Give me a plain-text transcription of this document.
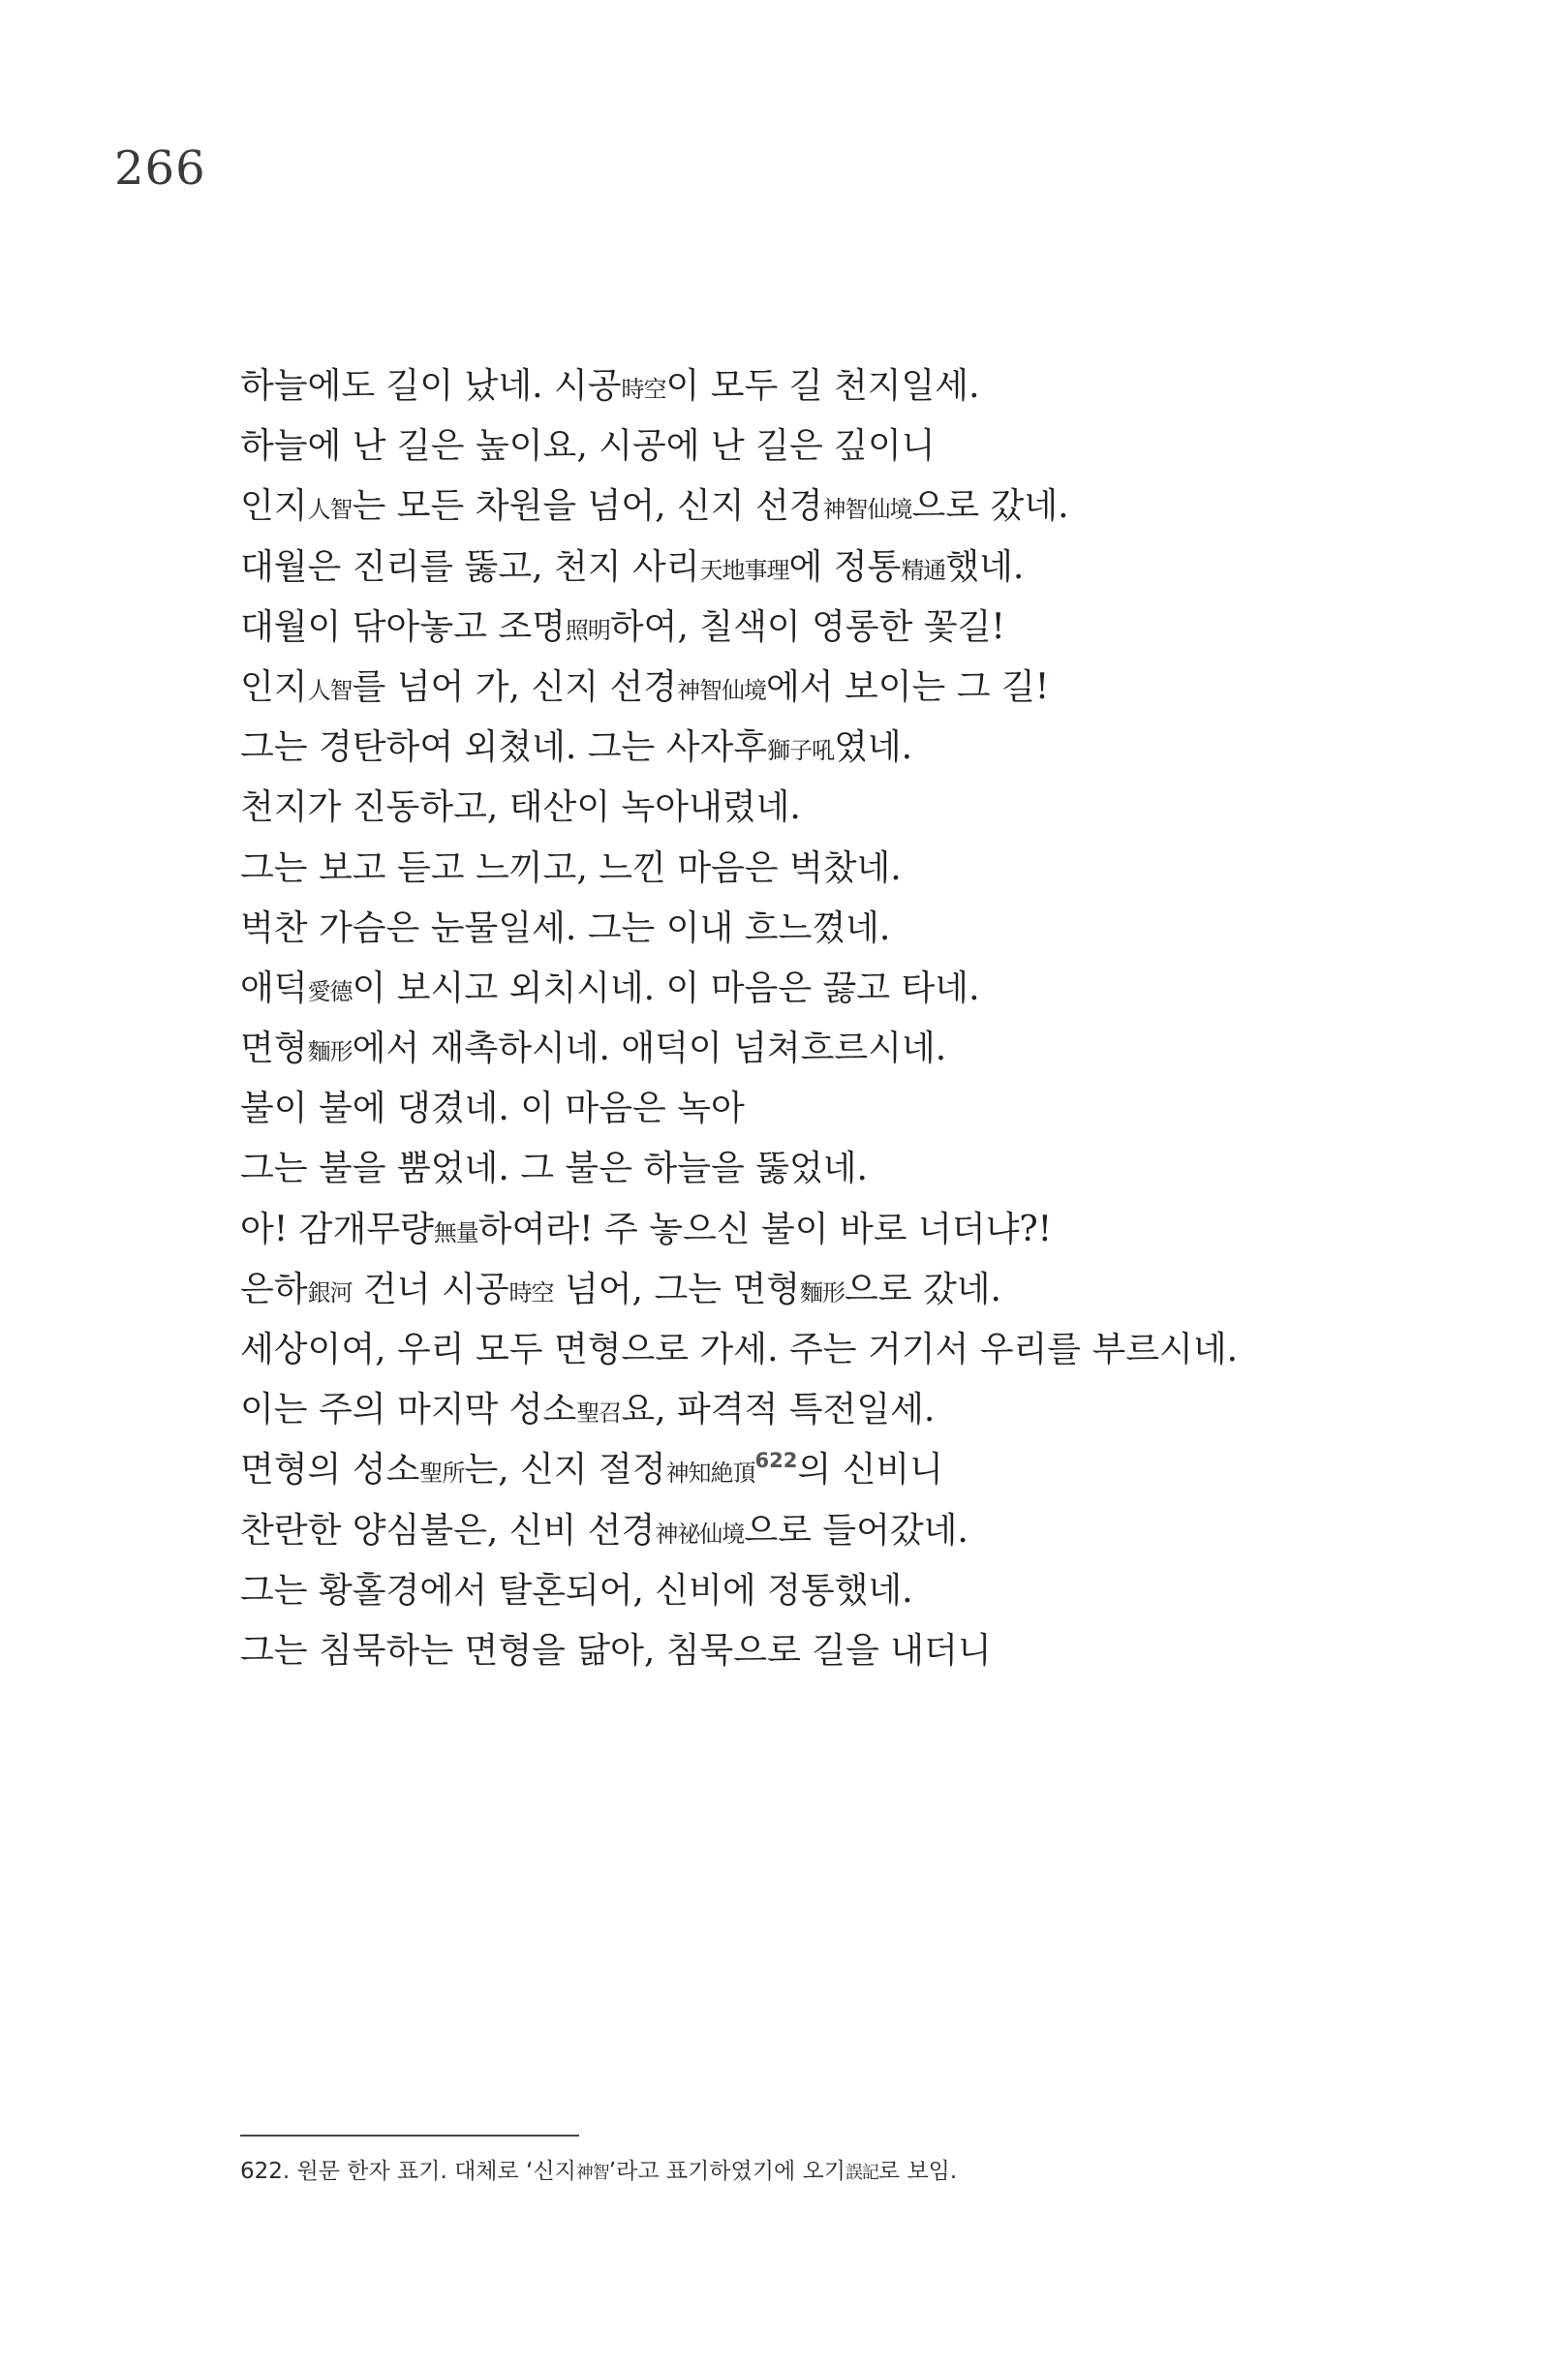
266
하늘에도 길이 났네. 시공時空이 모두 길 천지일세.
하늘에 난 길은 높이요, 시공에 난 길은 깊이니
인지人智는 모든 차원을 넘어, 신지 선경神智仙境으로 갔네.
대월은 진리를 뚫고, 천지 사리天地事理에 정통精通했네.
대월이 닦아놓고 조명照明하여, 칠색이 영롱한 꽃길!
인지人智를 넘어 가, 신지 선경神智仙境에서 보이는 그 길!
그는 경탄하여 외쳤네. 그는 사자후獅子吼였네.
천지가 진동하고, 태산이 녹아내렸네.
그는 보고 듣고 느끼고, 느낀 마음은 벅찼네.
벅찬 가슴은 눈물일세. 그는 이내 흐느꼈네.
애덕愛德이 보시고 외치시네. 이 마음은 끓고 타네.
면형麵形에서 재촉하시네. 애덕이 넘쳐흐르시네.
불이 불에 댕겼네. 이 마음은 녹아
그는 불을 뿜었네. 그 불은 하늘을 뚫었네.
아! 감개무량無量하여라! 주 놓으신 불이 바로 너더냐?!
은하銀河 건너 시공時空 넘어, 그는 면형麵形으로 갔네.
세상이여, 우리 모두 면형으로 가세. 주는 거기서 우리를 부르시네.
이는 주의 마지막 성소聖召요, 파격적 특전일세.
면형의 성소聖所는, 신지 절정神知絶頂$^{622}$의 신비니
찬란한 양심불은, 신비 선경神祕仙境으로 들어갔네.
그는 황홀경에서 탈혼되어, 신비에 정통했네.
그는 침묵하는 면형을 닮아, 침묵으로 길을 내더니
622. 원문 한자 표기. 대체로 ‘신지神智’라고 표기하였기에 오기誤記로 보임.
